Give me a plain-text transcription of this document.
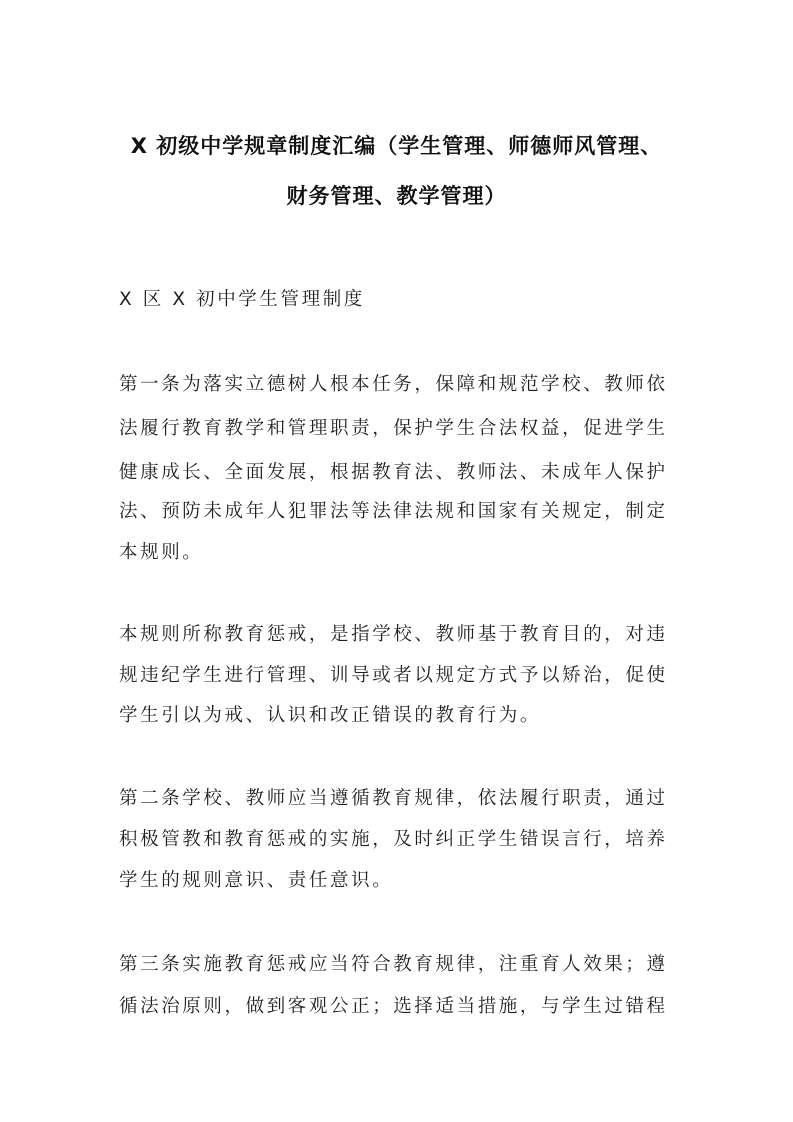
X 初级中学规章制度汇编（学生管理、师德师风管理、
财务管理、教学管理）
X 区 X 初中学生管理制度
第一条为落实立德树人根本任务，保障和规范学校、教师依
法履行教育教学和管理职责，保护学生合法权益，促进学生
健康成长、全面发展，根据教育法、教师法、未成年人保护
法、预防未成年人犯罪法等法律法规和国家有关规定，制定
本规则。
本规则所称教育惩戒，是指学校、教师基于教育目的，对违
规违纪学生进行管理、训导或者以规定方式予以矫治，促使
学生引以为戒、认识和改正错误的教育行为。
第二条学校、教师应当遵循教育规律，依法履行职责，通过
积极管教和教育惩戒的实施，及时纠正学生错误言行，培养
学生的规则意识、责任意识。
第三条实施教育惩戒应当符合教育规律，注重育人效果；遵
循法治原则，做到客观公正；选择适当措施，与学生过错程
